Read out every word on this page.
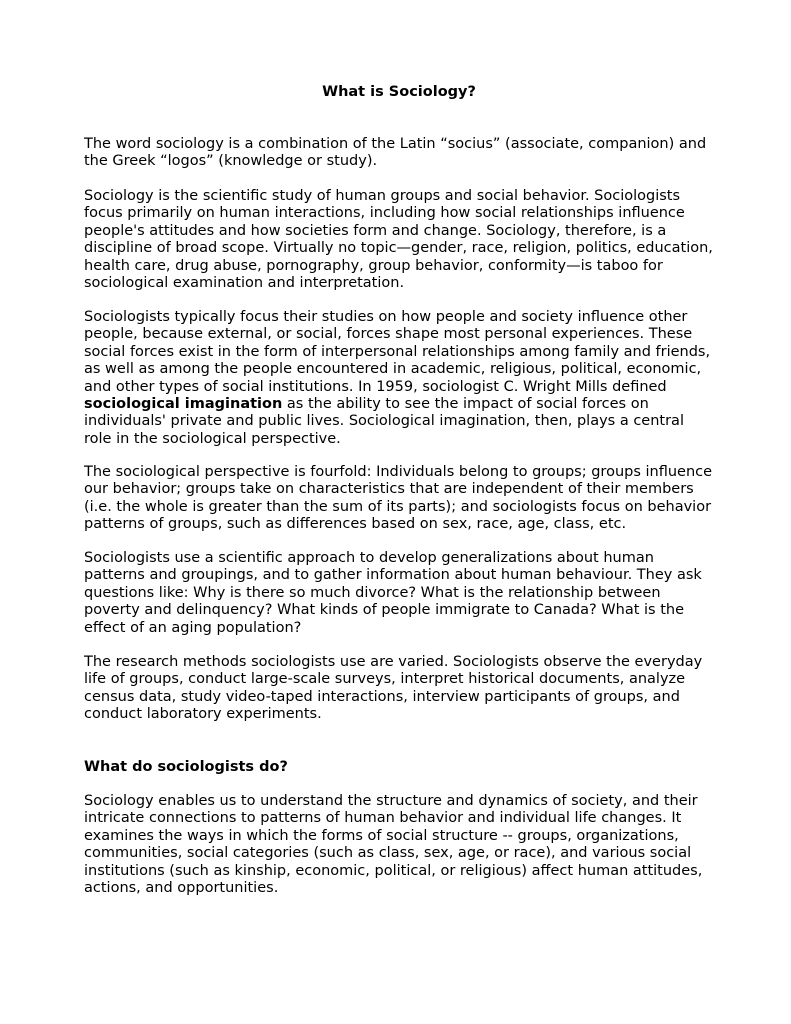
What is Sociology?

The word sociology is a combination of the Latin “socius” (associate, companion) and the Greek “logos” (knowledge or study).

Sociology is the scientific study of human groups and social behavior. Sociologists focus primarily on human interactions, including how social relationships influence people's attitudes and how societies form and change. Sociology, therefore, is a discipline of broad scope. Virtually no topic—gender, race, religion, politics, education, health care, drug abuse, pornography, group behavior, conformity—is taboo for sociological examination and interpretation.

Sociologists typically focus their studies on how people and society influence other people, because external, or social, forces shape most personal experiences. These social forces exist in the form of interpersonal relationships among family and friends, as well as among the people encountered in academic, religious, political, economic, and other types of social institutions. In 1959, sociologist C. Wright Mills defined sociological imagination as the ability to see the impact of social forces on individuals' private and public lives. Sociological imagination, then, plays a central role in the sociological perspective.

The sociological perspective is fourfold: Individuals belong to groups; groups influence our behavior; groups take on characteristics that are independent of their members (i.e. the whole is greater than the sum of its parts); and sociologists focus on behavior patterns of groups, such as differences based on sex, race, age, class, etc.

Sociologists use a scientific approach to develop generalizations about human patterns and groupings, and to gather information about human behaviour. They ask questions like: Why is there so much divorce? What is the relationship between poverty and delinquency? What kinds of people immigrate to Canada? What is the effect of an aging population?

The research methods sociologists use are varied. Sociologists observe the everyday life of groups, conduct large-scale surveys, interpret historical documents, analyze census data, study video-taped interactions, interview participants of groups, and conduct laboratory experiments.

What do sociologists do?

Sociology enables us to understand the structure and dynamics of society, and their intricate connections to patterns of human behavior and individual life changes. It examines the ways in which the forms of social structure -- groups, organizations, communities, social categories (such as class, sex, age, or race), and various social institutions (such as kinship, economic, political, or religious) affect human attitudes, actions, and opportunities.
